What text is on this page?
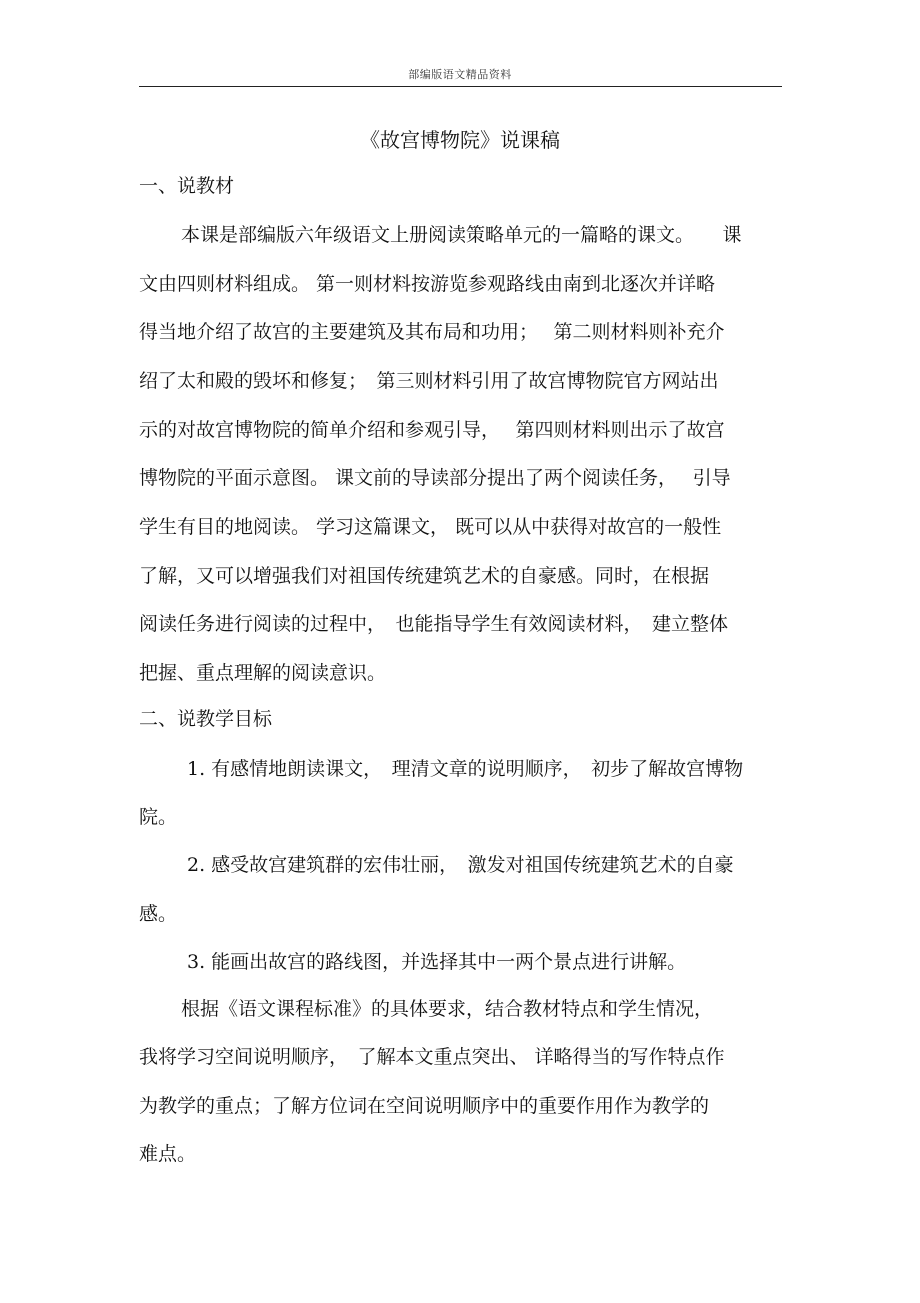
部编版语文精品资料
《故宫博物院》说课稿
一、说教材
本课是部编版六年级语文上册阅读策略单元的一篇略的课文。　　课
文由四则材料组成。 第一则材料按游览参观路线由南到北逐次并详略
得当地介绍了故宫的主要建筑及其布局和功用；　 第二则材料则补充介
绍了太和殿的毁坏和修复；　第三则材料引用了故宫博物院官方网站出
示的对故宫博物院的简单介绍和参观引导，　 第四则材料则出示了故宫
博物院的平面示意图。 课文前的导读部分提出了两个阅读任务，　 引导
学生有目的地阅读。 学习这篇课文， 既可以从中获得对故宫的一般性
了解，又可以增强我们对祖国传统建筑艺术的自豪感。同时，在根据
阅读任务进行阅读的过程中，　也能指导学生有效阅读材料，　建立整体
把握、重点理解的阅读意识。
二、说教学目标
1. 有感情地朗读课文，　理清文章的说明顺序，　初步了解故宫博物
院。
2. 感受故宫建筑群的宏伟壮丽，　激发对祖国传统建筑艺术的自豪
感。
3. 能画出故宫的路线图，并选择其中一两个景点进行讲解。
根据《语文课程标准》的具体要求，结合教材特点和学生情况，
我将学习空间说明顺序，　了解本文重点突出、 详略得当的写作特点作
为教学的重点；了解方位词在空间说明顺序中的重要作用作为教学的
难点。
